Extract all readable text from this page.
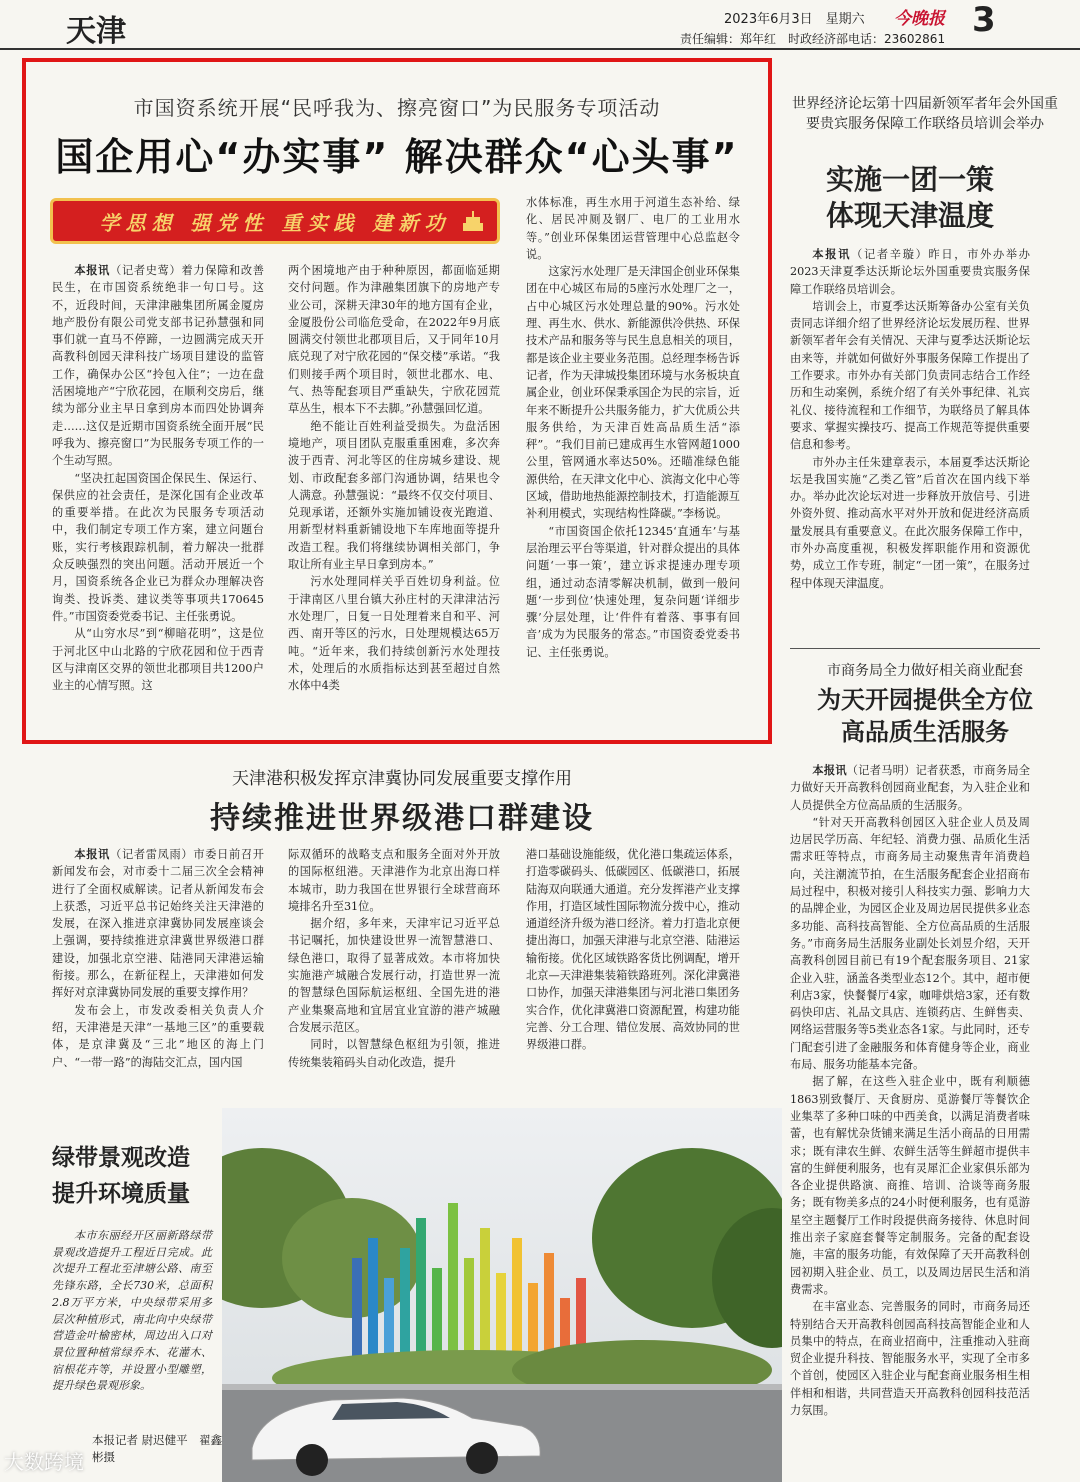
天津	2023年6月3日　星期六 今晚报 3
责任编辑：郑年红　时政经济部电话：23602861
市国资系统开展“民呼我为、擦亮窗口”为民服务专项活动
国企用心“办实事” 解决群众“心头事”
学思想 强党性 重实践 建新功

本报讯（记者史莺）着力保障和改善民生，在市国资系统绝非一句口号。这不，近段时间，天津津融集团所属金厦房地产股份有限公司党支部书记孙慧强和同事们就一直马不停蹄，一边圆满完成天开高教科创园天津科技广场项目建设的监管工作，确保办公区“拎包入住”；一边在盘活困境地产“宁欣花园，在顺利交房后，继续为部分业主早日拿到房本而四处协调奔走……这仅是近期市国资系统全面开展“民呼我为、擦亮窗口”为民服务专项工作的一个生动写照。

“坚决扛起国资国企保民生、保运行、保供应的社会责任，是深化国有企业改革的重要举措。在此次为民服务专项活动中，我们制定专项工作方案，建立问题台账，实行考核跟踪机制，着力解决一批群众反映强烈的突出问题。活动开展近一个月，国资系统各企业已为群众办理解决咨询类、投诉类、建议类等事项共170645件。”市国资委党委书记、主任张勇说。

从“山穷水尽”到“柳暗花明”，这是位于河北区中山北路的宁欣花园和位于西青区与津南区交界的领世北郡项目共1200户业主的心情写照。这

两个困境地产由于种种原因，都面临延期交付问题。作为津融集团旗下的房地产专业公司，深耕天津30年的地方国有企业，金厦股份公司临危受命，在2022年9月底圆满交付领世北郡项目后，又于同年10月底兑现了对宁欣花园的“保交楼”承诺。“我们则接手两个项目时，领世北郡水、电、气、热等配套项目严重缺失，宁欣花园荒草丛生，根本下不去脚。”孙慧强回忆道。

绝不能让百姓利益受损失。为盘活困境地产，项目团队克服重重困难，多次奔波于西青、河北等区的住房城乡建设、规划、市政配套多部门沟通协调，结果也令人满意。孙慧强说：“最终不仅交付项目、兑现承诺，还额外实施加铺设夜光跑道、用新型材料重新铺设地下车库地面等提升改造工程。我们将继续协调相关部门，争取让所有业主早日拿到房本。”

污水处理同样关乎百姓切身利益。位于津南区八里台镇大孙庄村的天津津沽污水处理厂，日复一日处理着来自和平、河西、南开等区的污水，日处理规模达65万吨。“近年来，我们持续创新污水处理技术，处理后的水质指标达到甚至超过自然水体中4类

水体标准，再生水用于河道生态补给、绿化、居民冲厕及钢厂、电厂的工业用水等。”创业环保集团运营管理中心总监赵令说。

这家污水处理厂是天津国企创业环保集团在中心城区布局的5座污水处理厂之一，占中心城区污水处理总量的90%。污水处理、再生水、供水、新能源供冷供热、环保技术产品和服务等与民生息息相关的项目，都是该企业主要业务范围。总经理李杨告诉记者，作为天津城投集团环境与水务板块直属企业，创业环保秉承国企为民的宗旨，近年来不断提升公共服务能力，扩大优质公共服务供给，为天津百姓高品质生活“添秤”。“我们目前已建成再生水管网超1000公里，管网通水率达50%。还瞄准绿色能源供给，在天津文化中心、滨海文化中心等区域，借助地热能源控制技术，打造能源互补利用模式，实现结构性降碳。”李杨说。

“市国资国企依托12345‘直通车’与基层治理云平台等渠道，针对群众提出的具体问题‘一事一策’，建立诉求提速办理专项组，通过动态清零解决机制，做到一般问题‘一步到位’快速处理，复杂问题‘详细步骤’分层处理，让‘件件有着落、事事有回音’成为为民服务的常态。”市国资委党委书记、主任张勇说。

世界经济论坛第十四届新领军者年会外国重要贵宾服务保障工作联络员培训会举办
实施一团一策
体现天津温度

本报讯（记者辛璇）昨日，市外办举办2023天津夏季达沃斯论坛外国重要贵宾服务保障工作联络员培训会。

培训会上，市夏季达沃斯筹备办公室有关负责同志详细介绍了世界经济论坛发展历程、世界新领军者年会有关情况、天津与夏季达沃斯论坛由来等，并就如何做好外事服务保障工作提出了工作要求。市外办有关部门负责同志结合工作经历和生动案例，系统介绍了有关外事纪律、礼宾礼仪、接待流程和工作细节，为联络员了解具体要求、掌握实操技巧、提高工作规范等提供重要信息和参考。

市外办主任朱建章表示，本届夏季达沃斯论坛是我国实施“乙类乙管”后首次在国内线下举办。举办此次论坛对进一步释放开放信号、引进外资外贸、推动高水平对外开放和促进经济高质量发展具有重要意义。在此次服务保障工作中，市外办高度重视，积极发挥职能作用和资源优势，成立工作专班，制定“一团一策”，在服务过程中体现天津温度。

市商务局全力做好相关商业配套
为天开园提供全方位
高品质生活服务

本报讯（记者马明）记者获悉，市商务局全力做好天开高教科创园商业配套，为入驻企业和人员提供全方位高品质的生活服务。

“针对天开高教科创园区入驻企业人员及周边居民学历高、年纪轻、消费力强、品质化生活需求旺等特点，市商务局主动聚焦青年消费趋向，关注潮流节拍，在生活服务配套企业招商布局过程中，积极对接引人科技实力强、影响力大的品牌企业，为园区企业及周边居民提供多业态多功能、高科技高智能、全方位高品质的生活服务。”市商务局生活服务业副处长刘昱介绍，天开高教科创园目前已有19个配套服务项目、21家企业入驻，涵盖各类型业态12个。其中，超市便利店3家，快餐餐厅4家，咖啡烘焙3家，还有数码快印店、礼品文具店、连锁药店、生鲜售卖、网络运营服务等5类业态各1家。与此同时，还专门配套引进了金融服务和体育健身等企业，商业布局、服务功能基本完备。

据了解，在这些入驻企业中，既有利顺德1863别致餐厅、天食厨房、觅游餐厅等餐饮企业集萃了多种口味的中西美食，以满足消费者味蕾，也有解忧杂货铺来满足生活小商品的日用需求；既有津农生鲜、农鲜生活等生鲜超市提供丰富的生鲜便利服务，也有灵犀汇企业家俱乐部为各企业提供路演、商推、培训、洽谈等商务服务；既有物美多点的24小时便利服务，也有觅游星空主题餐厅工作时段提供商务接待、休息时间推出亲子家庭套餐等定制服务。完备的配套设施，丰富的服务功能，有效保障了天开高教科创园初期入驻企业、员工，以及周边居民生活和消费需求。

在丰富业态、完善服务的同时，市商务局还特别结合天开高教科创园高科技高智能企业和人员集中的特点，在商业招商中，注重推动入驻商贸企业提升科技、智能服务水平，实现了全市多个首创，使园区入驻企业与配套商业服务相生相伴相和相谐，共同营造天开高教科创园科技范活力氛围。

天津港积极发挥京津冀协同发展重要支撑作用
持续推进世界级港口群建设

本报讯（记者雷凤雨）市委日前召开新闻发布会，对市委十二届三次全会精神进行了全面权威解读。记者从新闻发布会上获悉，习近平总书记始终关注天津港的发展，在深入推进京津冀协同发展座谈会上强调，要持续推进京津冀世界级港口群建设，加强北京空港、陆港同天津港运输衔接。那么，在新征程上，天津港如何发挥好对京津冀协同发展的重要支撑作用？

发布会上，市发改委相关负责人介绍，天津港是天津“一基地三区”的重要载体，是京津冀及“三北”地区的海上门户、“一带一路”的海陆交汇点，国内国

际双循环的战略支点和服务全面对外开放的国际枢纽港。天津港作为北京出海口样本城市，助力我国在世界银行全球营商环境排名升至31位。

据介绍，多年来，天津牢记习近平总书记嘱托，加快建设世界一流智慧港口、绿色港口，取得了显著成效。本市将加快实施港产城融合发展行动，打造世界一流的智慧绿色国际航运枢纽、全国先进的港产业集聚高地和宜居宜业宜游的港产城融合发展示范区。

同时，以智慧绿色枢纽为引领，推进传统集装箱码头自动化改造，提升

港口基础设施能级，优化港口集疏运体系，打造零碳码头、低碳园区、低碳港口，拓展陆海双向联通大通道。充分发挥港产业支撑作用，打造区域性国际物流分拨中心，推动通道经济升级为港口经济。着力打造北京便捷出海口，加强天津港与北京空港、陆港运输衔接。优化区域铁路客货比例调配，增开北京—天津港集装箱铁路班列。深化津冀港口协作，加强天津港集团与河北港口集团务实合作，优化津冀港口资源配置，构建功能完善、分工合理、错位发展、高效协同的世界级港口群。

绿带景观改造
提升环境质量

本市东丽经开区丽新路绿带景观改造提升工程近日完成。此次提升工程北至津塘公路、南至先锋东路，全长730米，总面积2.8万平方米，中央绿带采用多层次种植形式，南北向中央绿带营造金叶榆密林，周边出入口对景位置种植常绿乔木、花灌木、宿根花卉等，并设置小型雕塑，提升绿色景观形象。

本报记者 尉迟健平　翟鑫彬摄
大数跨境
